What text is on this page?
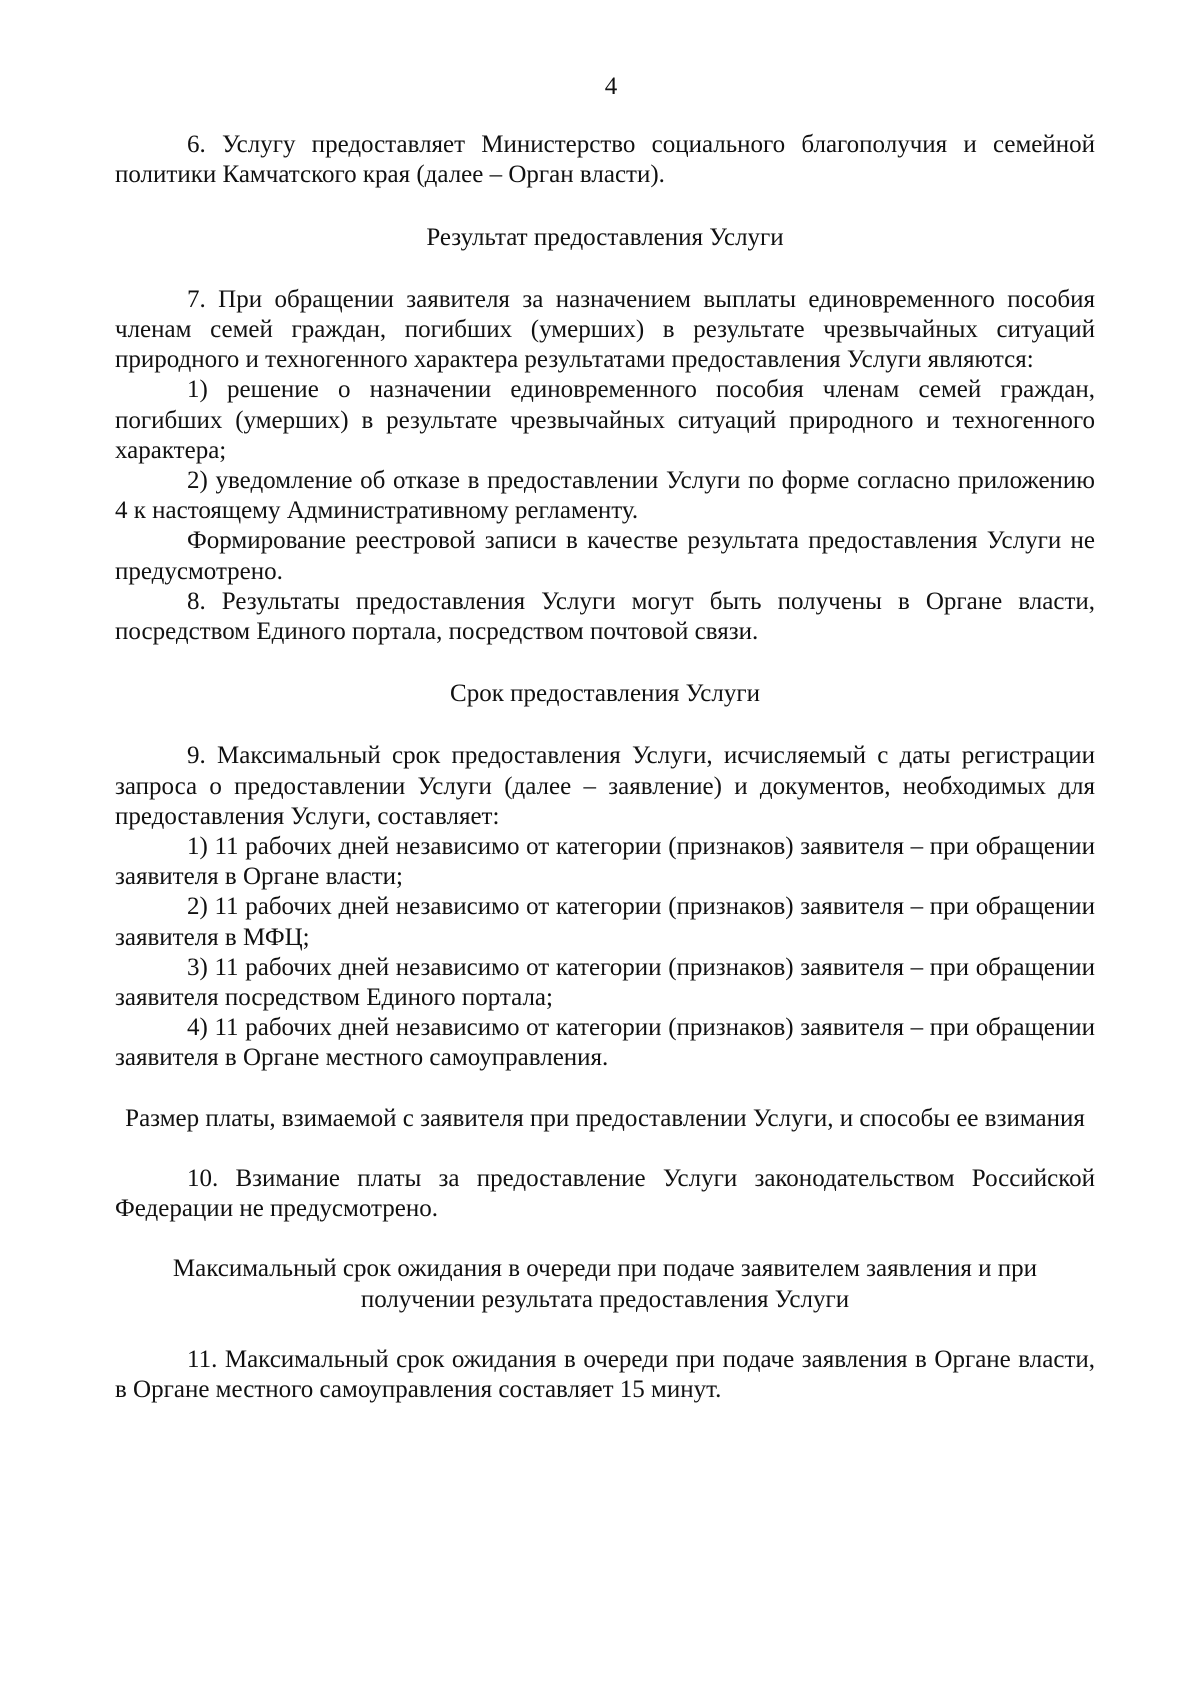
4

6. Услугу предоставляет Министерство социального благополучия и семейной политики Камчатского края (далее – Орган власти).

Результат предоставления Услуги

7. При обращении заявителя за назначением выплаты единовременного пособия членам семей граждан, погибших (умерших) в результате чрезвычайных ситуаций природного и техногенного характера результатами предоставления Услуги являются:

1) решение о назначении единовременного пособия членам семей граждан, погибших (умерших) в результате чрезвычайных ситуаций природного и техногенного характера;

2) уведомление об отказе в предоставлении Услуги по форме согласно приложению 4 к настоящему Административному регламенту.

Формирование реестровой записи в качестве результата предоставления Услуги не предусмотрено.

8. Результаты предоставления Услуги могут быть получены в Органе власти, посредством Единого портала, посредством почтовой связи.

Срок предоставления Услуги

9. Максимальный срок предоставления Услуги, исчисляемый с даты регистрации запроса о предоставлении Услуги (далее – заявление) и документов, необходимых для предоставления Услуги, составляет:

1) 11 рабочих дней независимо от категории (признаков) заявителя – при обращении заявителя в Органе власти;

2) 11 рабочих дней независимо от категории (признаков) заявителя – при обращении заявителя в МФЦ;

3) 11 рабочих дней независимо от категории (признаков) заявителя – при обращении заявителя посредством Единого портала;

4) 11 рабочих дней независимо от категории (признаков) заявителя – при обращении заявителя в Органе местного самоуправления.

Размер платы, взимаемой с заявителя при предоставлении Услуги, и способы ее взимания

10. Взимание платы за предоставление Услуги законодательством Российской Федерации не предусмотрено.

Максимальный срок ожидания в очереди при подаче заявителем заявления и при получении результата предоставления Услуги

11. Максимальный срок ожидания в очереди при подаче заявления в Органе власти, в Органе местного самоуправления составляет 15 минут.
